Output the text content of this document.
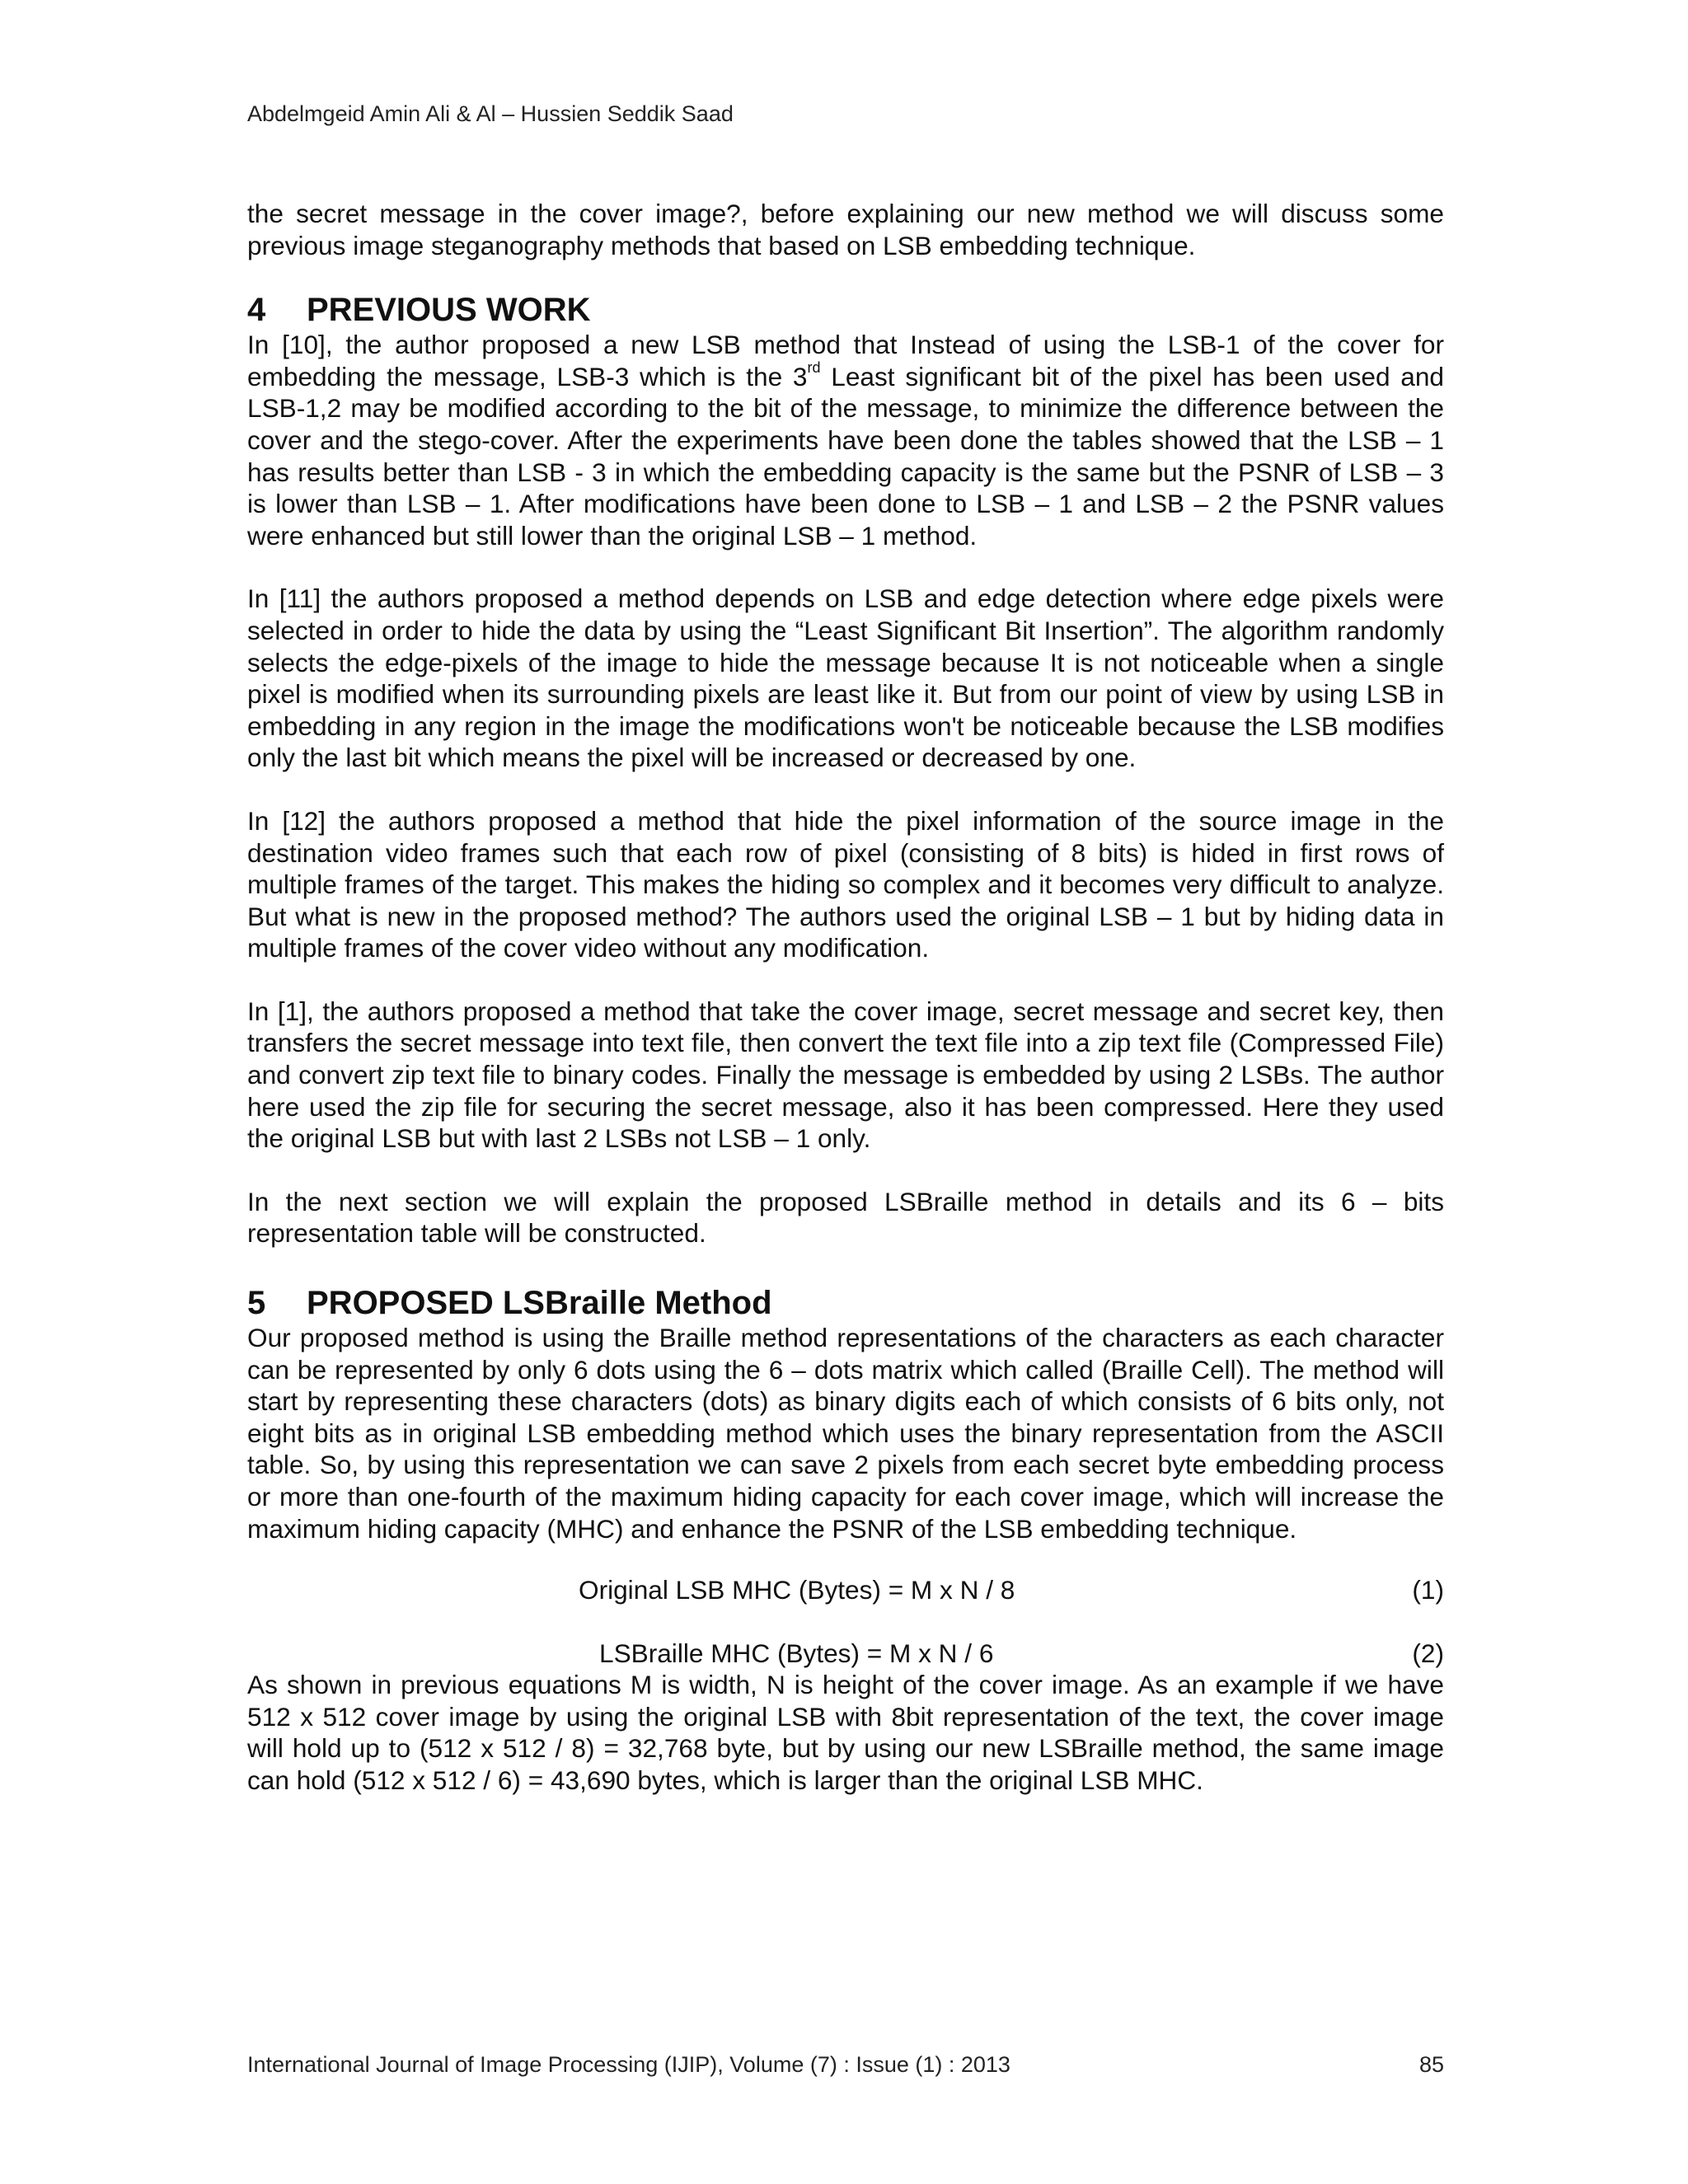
Abdelmgeid Amin Ali & Al – Hussien Seddik Saad

the secret message in the cover image?, before explaining our new method we will discuss some previous image steganography methods that based on LSB embedding technique.

4	PREVIOUS WORK

In [10], the author proposed a new LSB method that Instead of using the LSB-1 of the cover for embedding the message, LSB-3 which is the 3rd Least significant bit of the pixel has been used and LSB-1,2 may be modified according to the bit of the message, to minimize the difference between the cover and the stego-cover. After the experiments have been done the tables showed that the LSB – 1 has results better than LSB - 3 in which the embedding capacity is the same but the PSNR of LSB – 3 is lower than LSB – 1. After modifications have been done to LSB – 1 and LSB – 2 the PSNR values were enhanced but still lower than the original LSB – 1 method.

In [11] the authors proposed a method depends on LSB and edge detection where edge pixels were selected in order to hide the data by using the “Least Significant Bit Insertion”. The algorithm randomly selects the edge-pixels of the image to hide the message because It is not noticeable when a single pixel is modified when its surrounding pixels are least like it. But from our point of view by using LSB in embedding in any region in the image the modifications won't be noticeable because the LSB modifies only the last bit which means the pixel will be increased or decreased by one.

In [12] the authors proposed a method that hide the pixel information of the source image in the destination video frames such that each row of pixel (consisting of 8 bits) is hided in first rows of multiple frames of the target. This makes the hiding so complex and it becomes very difficult to analyze. But what is new in the proposed method? The authors used the original LSB – 1 but by hiding data in multiple frames of the cover video without any modification.

In [1], the authors proposed a method that take the cover image, secret message and secret key, then transfers the secret message into text file, then convert the text file into a zip text file (Compressed File) and convert zip text file to binary codes. Finally the message is embedded by using 2 LSBs. The author here used the zip file for securing the secret message, also it has been compressed. Here they used the original LSB but with last 2 LSBs not LSB – 1 only.

In the next section we will explain the proposed LSBraille method in details and its 6 – bits representation table will be constructed.

5	PROPOSED LSBraille Method

Our proposed method is using the Braille method representations of the characters as each character can be represented by only 6 dots using the 6 – dots matrix which called (Braille Cell). The method will start by representing these characters (dots) as binary digits each of which consists of 6 bits only, not eight bits as in original LSB embedding method which uses the binary representation from the ASCII table. So, by using this representation we can save 2 pixels from each secret byte embedding process or more than one-fourth of the maximum hiding capacity for each cover image, which will increase the maximum hiding capacity (MHC) and enhance the PSNR of the LSB embedding technique.

Original LSB MHC (Bytes) = M x N / 8	(1)
LSBraille MHC (Bytes) = M x N / 6	(2)

As shown in previous equations M is width, N is height of the cover image. As an example if we have 512 x 512 cover image by using the original LSB with 8bit representation of the text, the cover image will hold up to (512 x 512 / 8) = 32,768 byte, but by using our new LSBraille method, the same image can hold (512 x 512 / 6) = 43,690 bytes, which is larger than the original LSB MHC.

International Journal of Image Processing (IJIP), Volume (7) : Issue (1) : 2013	85
